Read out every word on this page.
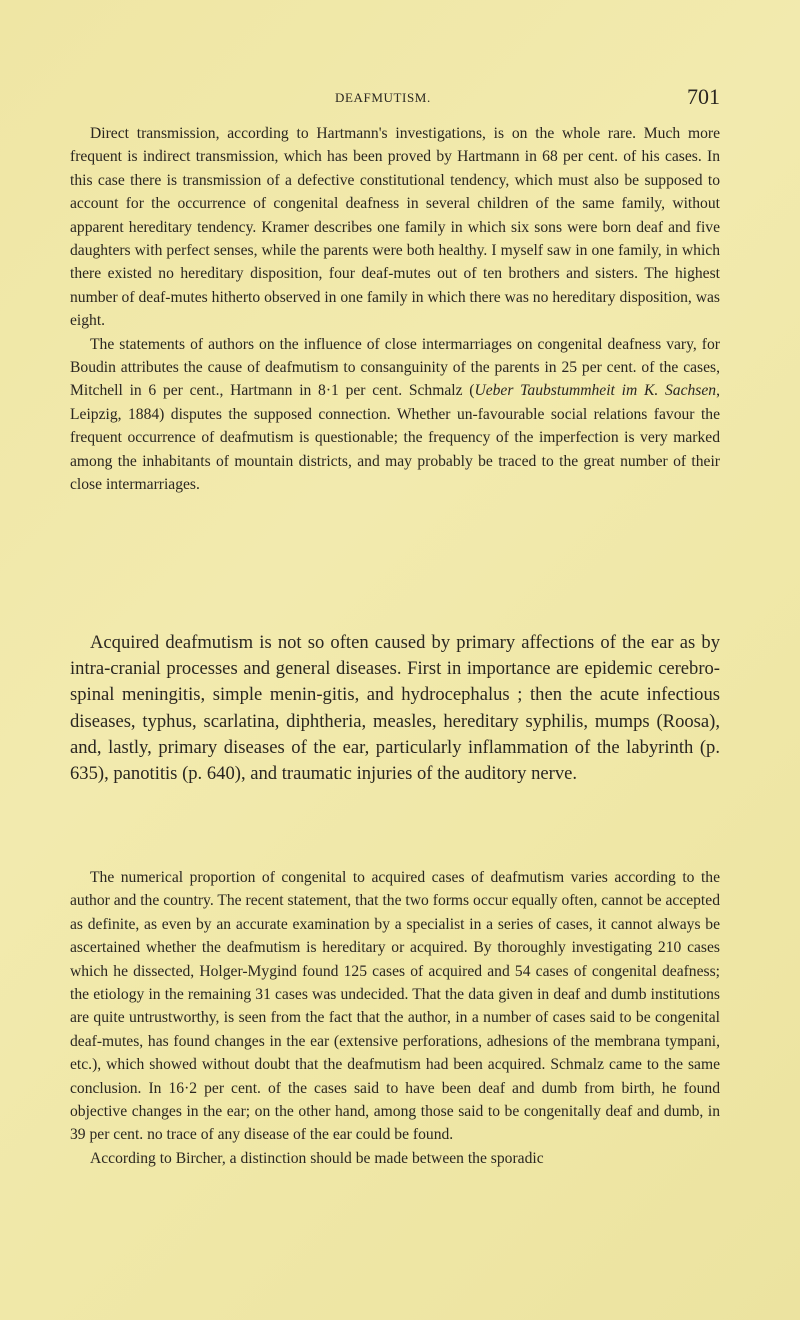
DEAFMUTISM.	701

Direct transmission, according to Hartmann's investigations, is on the whole rare. Much more frequent is indirect transmission, which has been proved by Hartmann in 68 per cent. of his cases. In this case there is transmission of a defective constitutional tendency, which must also be supposed to account for the occurrence of congenital deafness in several children of the same family, without apparent hereditary tendency. Kramer describes one family in which six sons were born deaf and five daughters with perfect senses, while the parents were both healthy. I myself saw in one family, in which there existed no hereditary disposition, four deaf-mutes out of ten brothers and sisters. The highest number of deaf-mutes hitherto observed in one family in which there was no hereditary disposition, was eight.

The statements of authors on the influence of close intermarriages on congenital deafness vary, for Boudin attributes the cause of deafmutism to consanguinity of the parents in 25 per cent. of the cases, Mitchell in 6 per cent., Hartmann in 8·1 per cent. Schmalz (Ueber Taubstummheit im K. Sachsen, Leipzig, 1884) disputes the supposed connection. Whether un-favourable social relations favour the frequent occurrence of deafmutism is questionable; the frequency of the imperfection is very marked among the inhabitants of mountain districts, and may probably be traced to the great number of their close intermarriages.

Acquired deafmutism is not so often caused by primary affections of the ear as by intra-cranial processes and general diseases. First in importance are epidemic cerebro-spinal meningitis, simple menin-gitis, and hydrocephalus ; then the acute infectious diseases, typhus, scarlatina, diphtheria, measles, hereditary syphilis, mumps (Roosa), and, lastly, primary diseases of the ear, particularly inflammation of the labyrinth (p. 635), panotitis (p. 640), and traumatic injuries of the auditory nerve.

The numerical proportion of congenital to acquired cases of deafmutism varies according to the author and the country. The recent statement, that the two forms occur equally often, cannot be accepted as definite, as even by an accurate examination by a specialist in a series of cases, it cannot always be ascertained whether the deafmutism is hereditary or acquired. By thoroughly investigating 210 cases which he dissected, Holger-Mygind found 125 cases of acquired and 54 cases of congenital deafness; the etiology in the remaining 31 cases was undecided. That the data given in deaf and dumb institutions are quite untrustworthy, is seen from the fact that the author, in a number of cases said to be congenital deaf-mutes, has found changes in the ear (extensive perforations, adhesions of the membrana tympani, etc.), which showed without doubt that the deafmutism had been acquired. Schmalz came to the same conclusion. In 16·2 per cent. of the cases said to have been deaf and dumb from birth, he found objective changes in the ear; on the other hand, among those said to be congenitally deaf and dumb, in 39 per cent. no trace of any disease of the ear could be found.

According to Bircher, a distinction should be made between the sporadic
